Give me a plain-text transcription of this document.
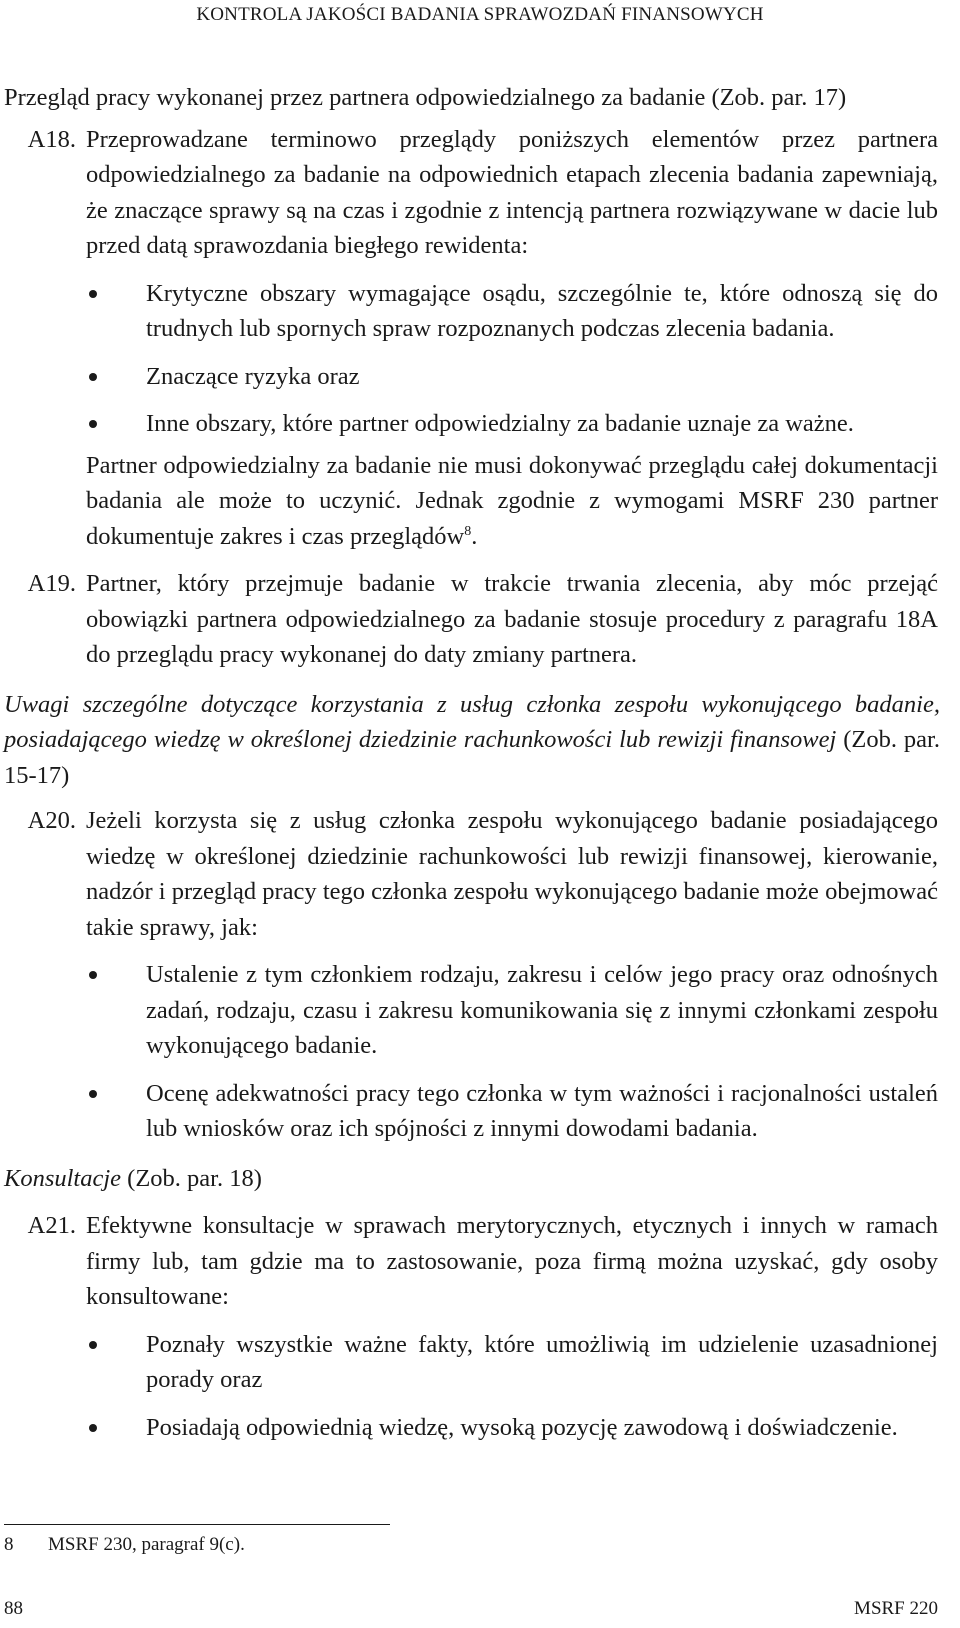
KONTROLA JAKOŚCI BADANIA SPRAWOZDAŃ FINANSOWYCH
Przegląd pracy wykonanej przez partnera odpowiedzialnego za badanie (Zob. par. 17)
A18. Przeprowadzane terminowo przeglądy poniższych elementów przez partnera odpowiedzialnego za badanie na odpowiednich etapach zlecenia badania zapewniają, że znaczące sprawy są na czas i zgodnie z intencją partnera rozwiązywane w dacie lub przed datą sprawozdania biegłego rewidenta:
Krytyczne obszary wymagające osądu, szczególnie te, które odnoszą się do trudnych lub spornych spraw rozpoznanych podczas zlecenia badania.
Znaczące ryzyka oraz
Inne obszary, które partner odpowiedzialny za badanie uznaje za ważne.
Partner odpowiedzialny za badanie nie musi dokonywać przeglądu całej dokumentacji badania ale może to uczynić. Jednak zgodnie z wymogami MSRF 230 partner dokumentuje zakres i czas przeglądów$^8$.
A19. Partner, który przejmuje badanie w trakcie trwania zlecenia, aby móc przejąć obowiązki partnera odpowiedzialnego za badanie stosuje procedury z paragrafu 18A do przeglądu pracy wykonanej do daty zmiany partnera.
Uwagi szczególne dotyczące korzystania z usług członka zespołu wykonującego badanie, posiadającego wiedzę w określonej dziedzinie rachunkowości lub rewizji finansowej (Zob. par. 15-17)
A20. Jeżeli korzysta się z usług członka zespołu wykonującego badanie posiadającego wiedzę w określonej dziedzinie rachunkowości lub rewizji finansowej, kierowanie, nadzór i przegląd pracy tego członka zespołu wykonującego badanie może obejmować takie sprawy, jak:
Ustalenie z tym członkiem rodzaju, zakresu i celów jego pracy oraz odnośnych zadań, rodzaju, czasu i zakresu komunikowania się z innymi członkami zespołu wykonującego badanie.
Ocenę adekwatności pracy tego członka w tym ważności i racjonalności ustaleń lub wniosków oraz ich spójności z innymi dowodami badania.
Konsultacje (Zob. par. 18)
A21. Efektywne konsultacje w sprawach merytorycznych, etycznych i innych w ramach firmy lub, tam gdzie ma to zastosowanie, poza firmą można uzyskać, gdy osoby konsultowane:
Poznały wszystkie ważne fakty, które umożliwią im udzielenie uzasadnionej porady oraz
Posiadają odpowiednią wiedzę, wysoką pozycję zawodową i doświadczenie.
8	MSRF 230, paragraf 9(c).
88	MSRF 220
